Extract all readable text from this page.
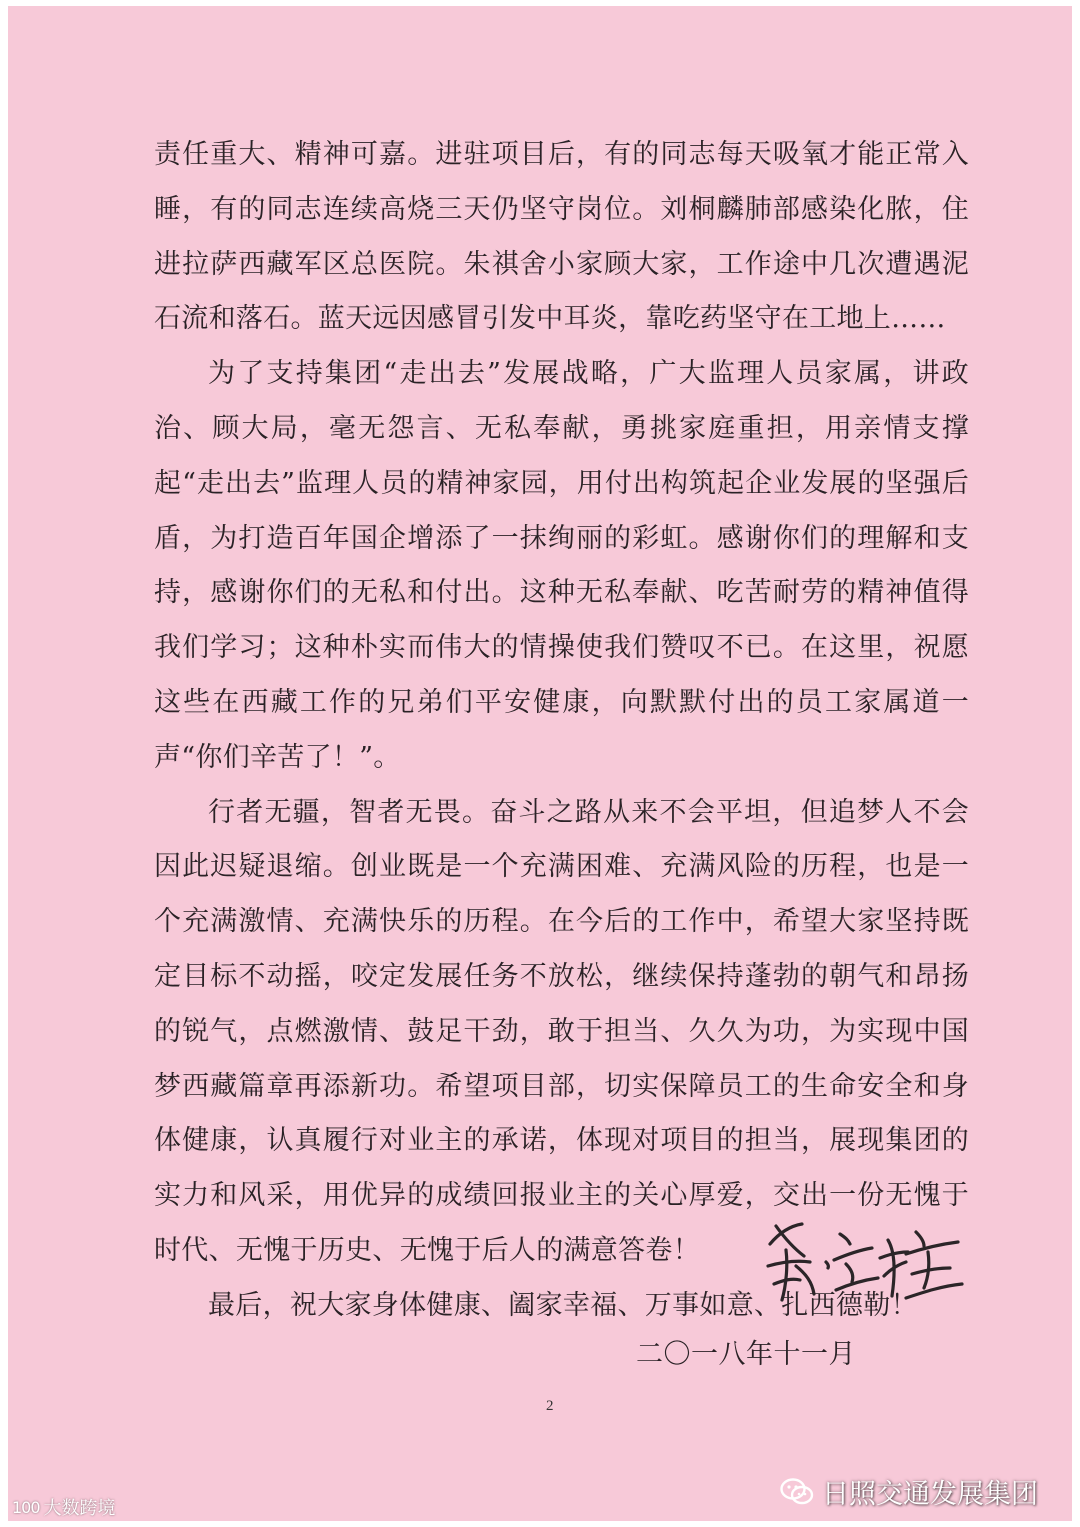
责任重大、精神可嘉。进驻项目后，有的同志每天吸氧才能正常入睡，有的同志连续高烧三天仍坚守岗位。刘桐麟肺部感染化脓，住进拉萨西藏军区总医院。朱祺舍小家顾大家，工作途中几次遭遇泥石流和落石。蓝天远因感冒引发中耳炎，靠吃药坚守在工地上……

为了支持集团“走出去”发展战略，广大监理人员家属，讲政治、顾大局，毫无怨言、无私奉献，勇挑家庭重担，用亲情支撑起“走出去”监理人员的精神家园，用付出构筑起企业发展的坚强后盾，为打造百年国企增添了一抹绚丽的彩虹。感谢你们的理解和支持，感谢你们的无私和付出。这种无私奉献、吃苦耐劳的精神值得我们学习；这种朴实而伟大的情操使我们赞叹不已。在这里，祝愿这些在西藏工作的兄弟们平安健康，向默默付出的员工家属道一声“你们辛苦了！”。

行者无疆，智者无畏。奋斗之路从来不会平坦，但追梦人不会因此迟疑退缩。创业既是一个充满困难、充满风险的历程，也是一个充满激情、充满快乐的历程。在今后的工作中，希望大家坚持既定目标不动摇，咬定发展任务不放松，继续保持蓬勃的朝气和昂扬的锐气，点燃激情、鼓足干劲，敢于担当、久久为功，为实现中国梦西藏篇章再添新功。希望项目部，切实保障员工的生命安全和身体健康，认真履行对业主的承诺，体现对项目的担当，展现集团的实力和风采，用优异的成绩回报业主的关心厚爱，交出一份无愧于时代、无愧于历史、无愧于后人的满意答卷！

最后，祝大家身体健康、阖家幸福、万事如意、扎西德勒！

二〇一八年十一月
2
日照交通发展集团
100 大数跨境
